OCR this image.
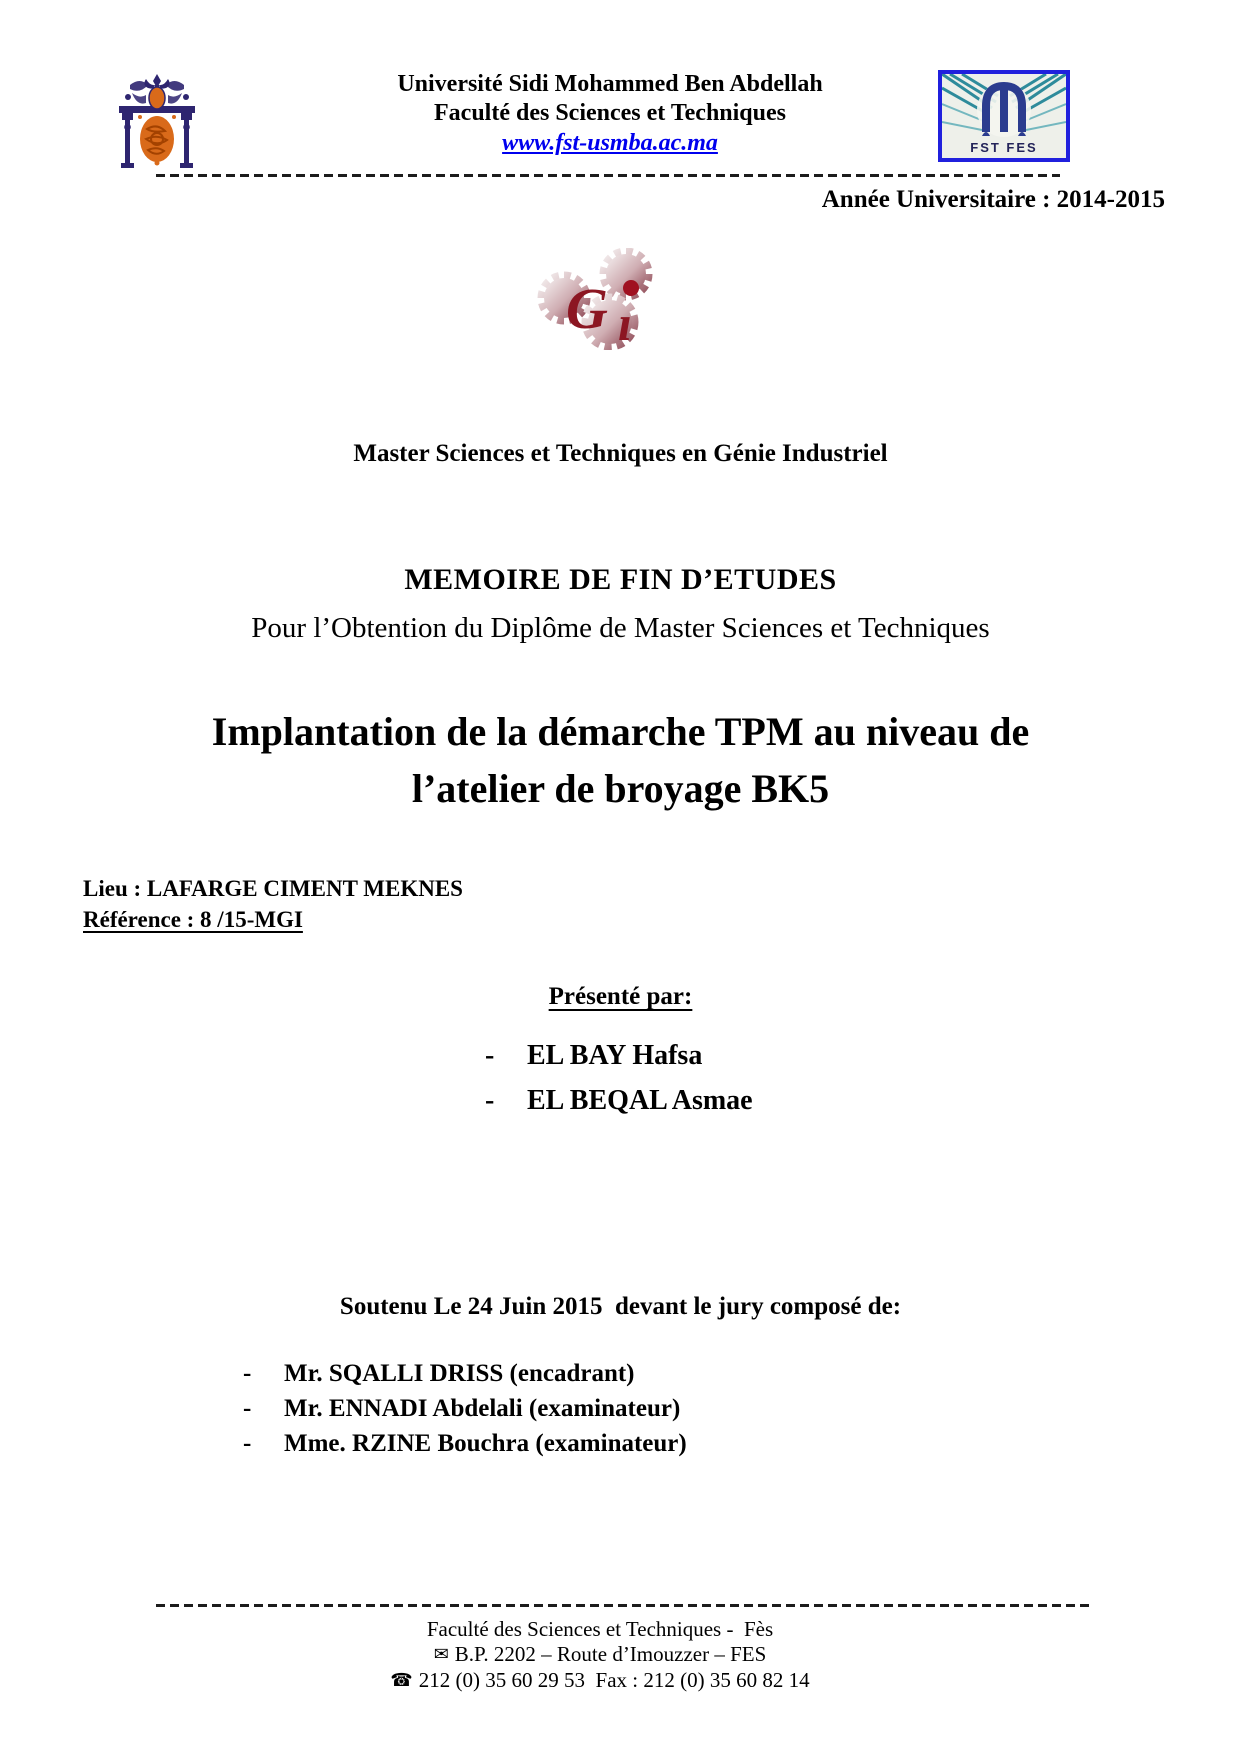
Université Sidi Mohammed Ben Abdellah
Faculté des Sciences et Techniques
www.fst-usmba.ac.ma	FST FES
Année Universitaire : 2014-2015
G ı
Master Sciences et Techniques en Génie Industriel
MEMOIRE DE FIN D’ETUDES
Pour l’Obtention du Diplôme de Master Sciences et Techniques
Implantation de la démarche TPM au niveau de
l’atelier de broyage BK5
Lieu : LAFARGE CIMENT MEKNES
Référence : 8 /15-MGI
Présenté par:
-	EL BAY Hafsa
-	EL BEQAL Asmae
Soutenu Le 24 Juin 2015  devant le jury composé de:
-	Mr. SQALLI DRISS (encadrant)
-	Mr. ENNADI Abdelali (examinateur)
-	Mme. RZINE Bouchra (examinateur)
Faculté des Sciences et Techniques -  Fès
✉ B.P. 2202 – Route d’Imouzzer – FES
☎ 212 (0) 35 60 29 53  Fax : 212 (0) 35 60 82 14
